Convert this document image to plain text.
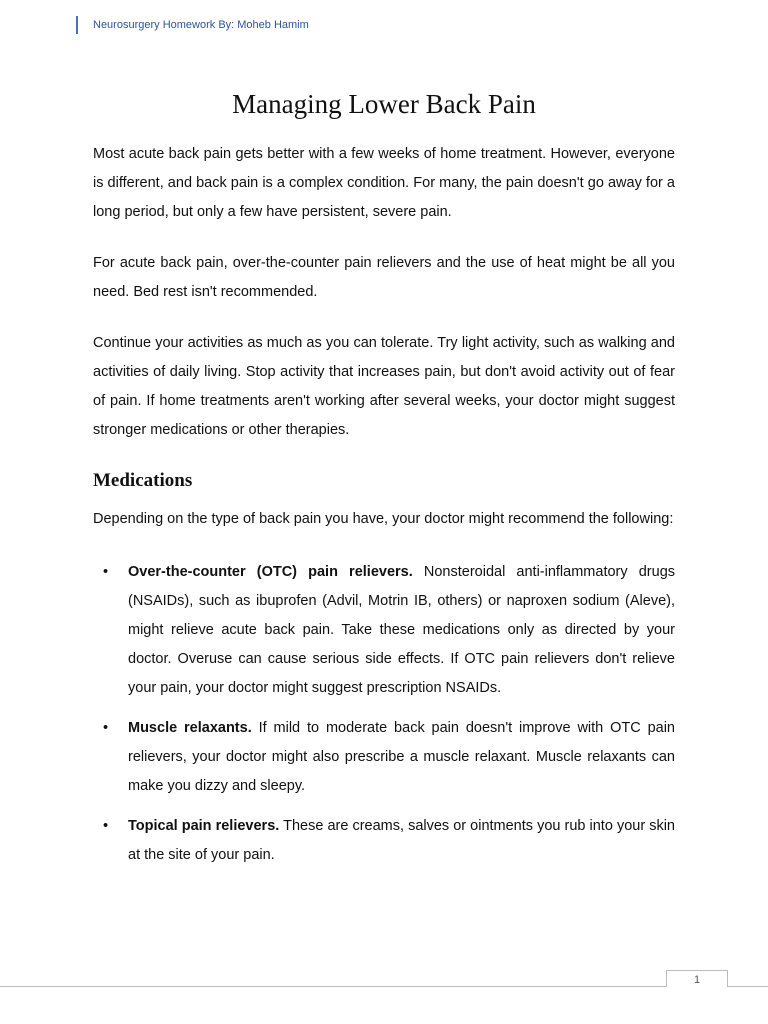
Neurosurgery Homework By: Moheb Hamim
Managing Lower Back Pain

Most acute back pain gets better with a few weeks of home treatment. However, everyone is different, and back pain is a complex condition. For many, the pain doesn't go away for a long period, but only a few have persistent, severe pain.

For acute back pain, over-the-counter pain relievers and the use of heat might be all you need. Bed rest isn't recommended.

Continue your activities as much as you can tolerate. Try light activity, such as walking and activities of daily living. Stop activity that increases pain, but don't avoid activity out of fear of pain. If home treatments aren't working after several weeks, your doctor might suggest stronger medications or other therapies.

Medications

Depending on the type of back pain you have, your doctor might recommend the following:

• Over-the-counter (OTC) pain relievers. Nonsteroidal anti-inflammatory drugs (NSAIDs), such as ibuprofen (Advil, Motrin IB, others) or naproxen sodium (Aleve), might relieve acute back pain. Take these medications only as directed by your doctor. Overuse can cause serious side effects. If OTC pain relievers don't relieve your pain, your doctor might suggest prescription NSAIDs.
• Muscle relaxants. If mild to moderate back pain doesn't improve with OTC pain relievers, your doctor might also prescribe a muscle relaxant. Muscle relaxants can make you dizzy and sleepy.
• Topical pain relievers. These are creams, salves or ointments you rub into your skin at the site of your pain.
1
